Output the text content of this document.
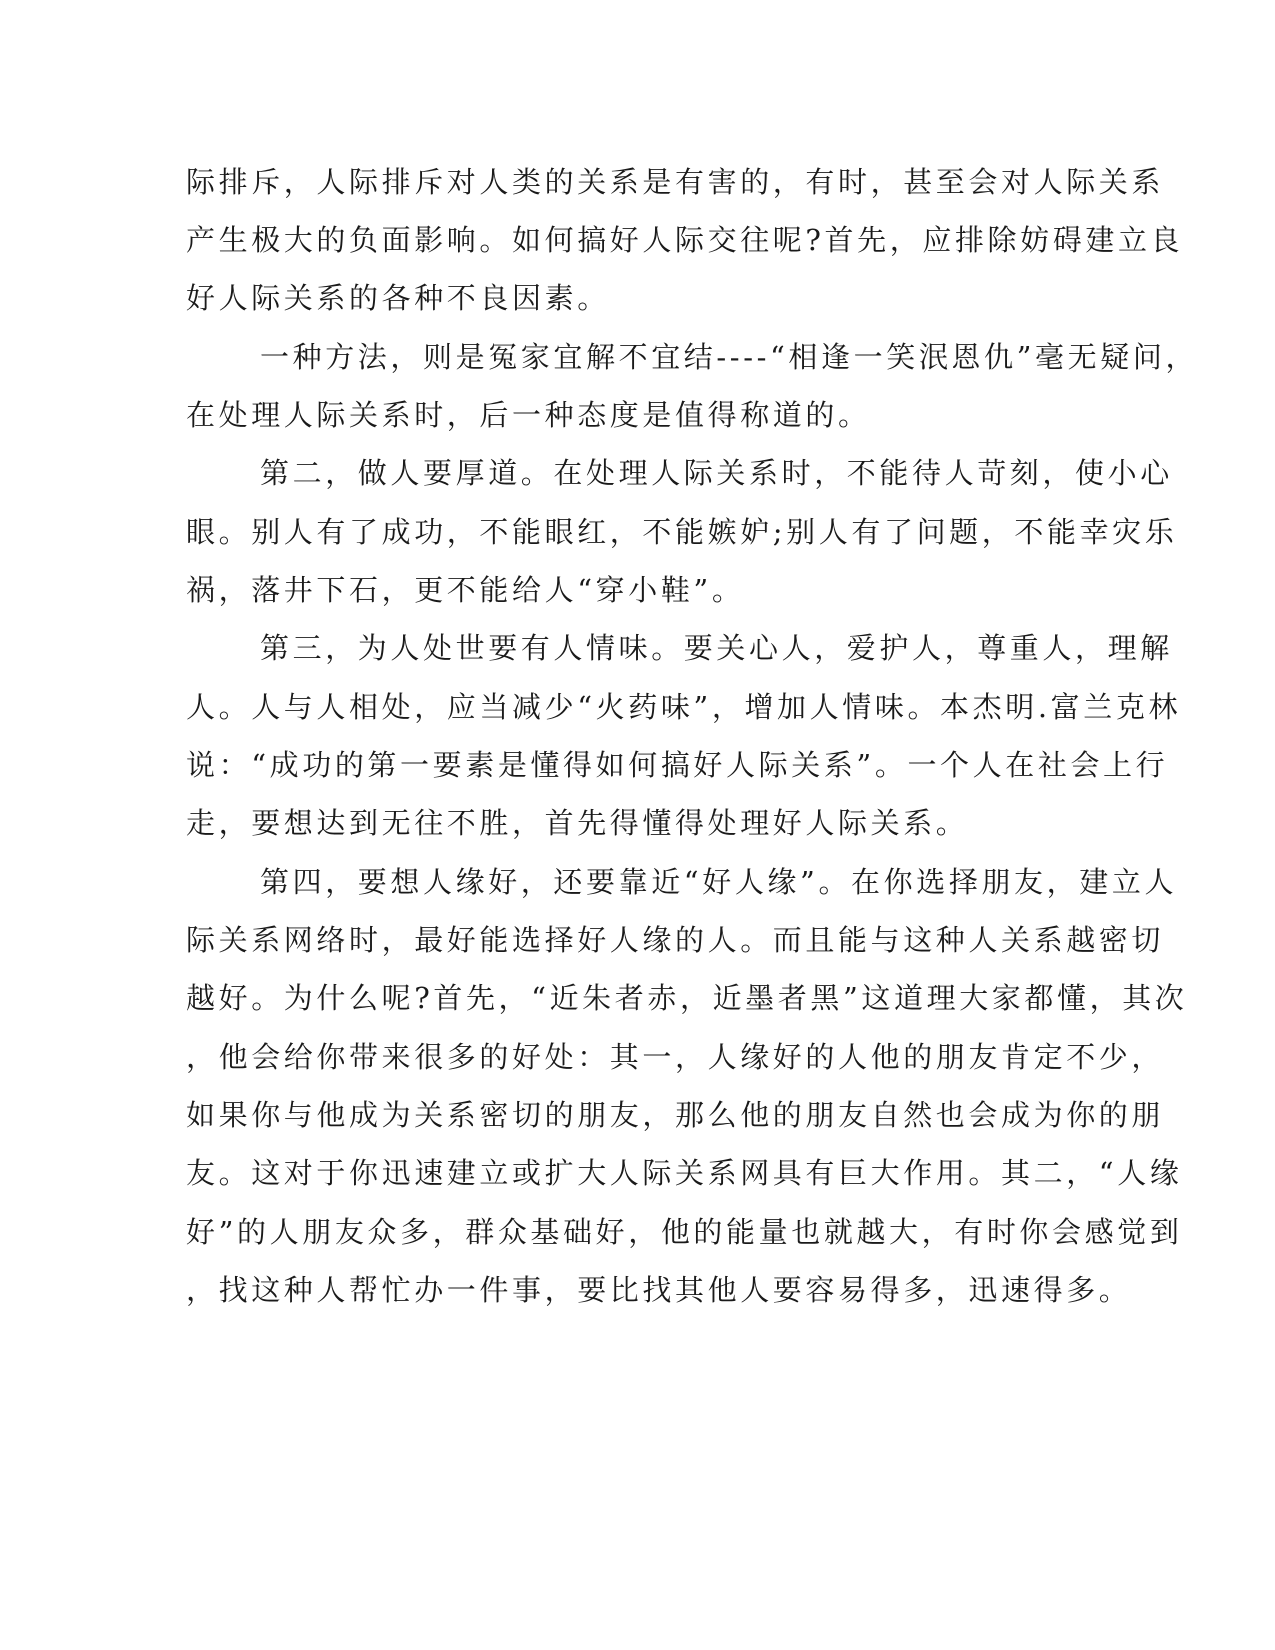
际排斥，人际排斥对人类的关系是有害的，有时，甚至会对人际关系

产生极大的负面影响。如何搞好人际交往呢?首先，应排除妨碍建立良

好人际关系的各种不良因素。

一种方法，则是冤家宜解不宜结----“相逢一笑泯恩仇”毫无疑问，

在处理人际关系时，后一种态度是值得称道的。

第二，做人要厚道。在处理人际关系时，不能待人苛刻，使小心

眼。别人有了成功，不能眼红，不能嫉妒;别人有了问题，不能幸灾乐

祸，落井下石，更不能给人“穿小鞋”。

第三，为人处世要有人情味。要关心人，爱护人，尊重人，理解

人。人与人相处，应当减少“火药味”，增加人情味。本杰明.富兰克林

说：“成功的第一要素是懂得如何搞好人际关系”。一个人在社会上行

走，要想达到无往不胜，首先得懂得处理好人际关系。

第四，要想人缘好，还要靠近“好人缘”。在你选择朋友，建立人

际关系网络时，最好能选择好人缘的人。而且能与这种人关系越密切

越好。为什么呢?首先，“近朱者赤，近墨者黑”这道理大家都懂，其次

，他会给你带来很多的好处：其一，人缘好的人他的朋友肯定不少，

如果你与他成为关系密切的朋友，那么他的朋友自然也会成为你的朋

友。这对于你迅速建立或扩大人际关系网具有巨大作用。其二，“人缘

好”的人朋友众多，群众基础好，他的能量也就越大，有时你会感觉到

，找这种人帮忙办一件事，要比找其他人要容易得多，迅速得多。
